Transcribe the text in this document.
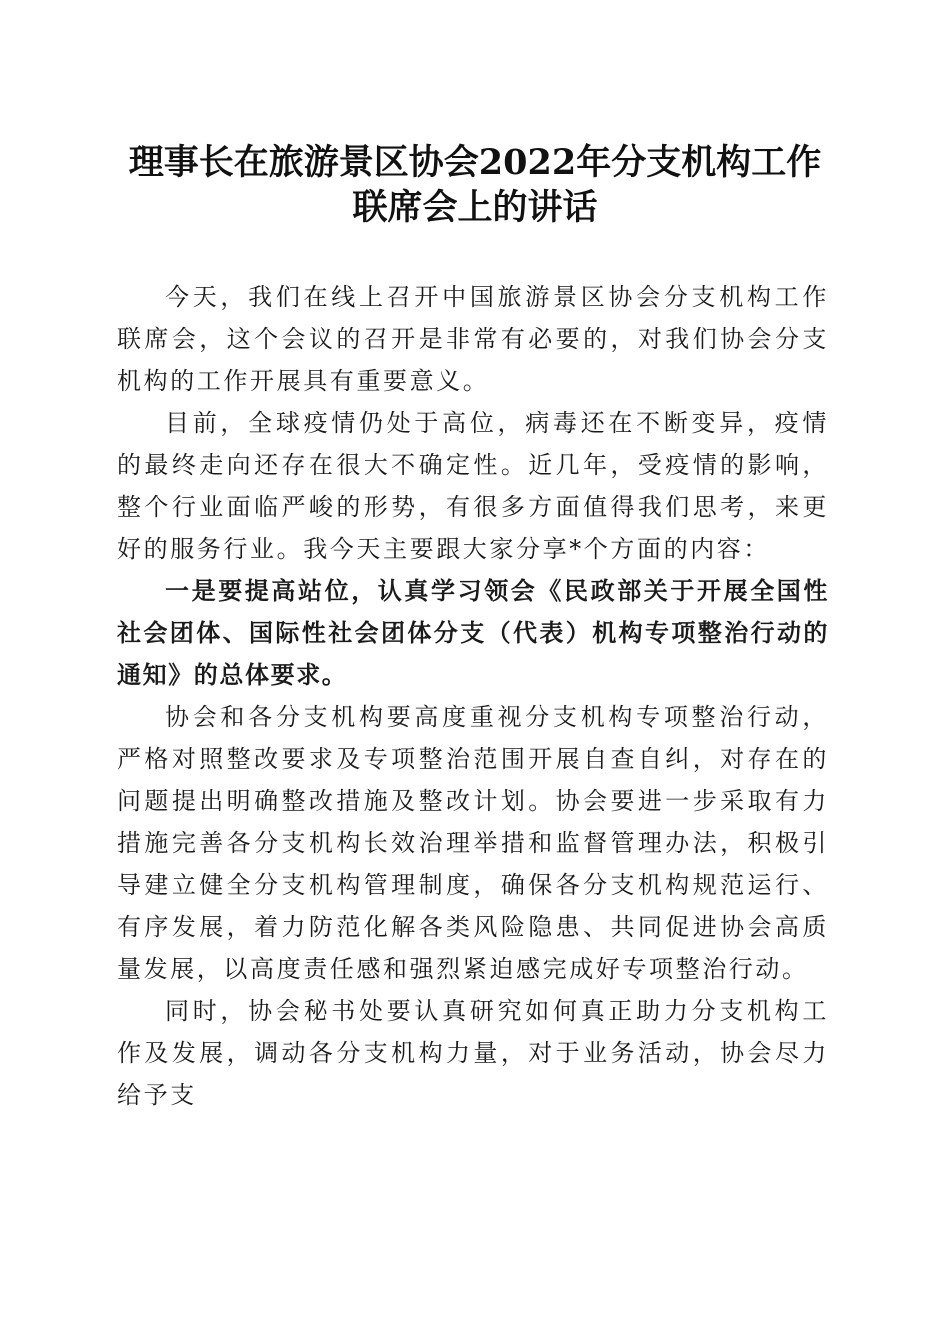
理事长在旅游景区协会2022年分支机构工作
联席会上的讲话

今天，我们在线上召开中国旅游景区协会分支机构工作联席会，这个会议的召开是非常有必要的，对我们协会分支机构的工作开展具有重要意义。

目前，全球疫情仍处于高位，病毒还在不断变异，疫情的最终走向还存在很大不确定性。近几年，受疫情的影响，整个行业面临严峻的形势，有很多方面值得我们思考，来更好的服务行业。我今天主要跟大家分享*个方面的内容：

一是要提高站位，认真学习领会《民政部关于开展全国性社会团体、国际性社会团体分支（代表）机构专项整治行动的通知》的总体要求。

协会和各分支机构要高度重视分支机构专项整治行动，严格对照整改要求及专项整治范围开展自查自纠，对存在的问题提出明确整改措施及整改计划。协会要进一步采取有力措施完善各分支机构长效治理举措和监督管理办法，积极引导建立健全分支机构管理制度，确保各分支机构规范运行、有序发展，着力防范化解各类风险隐患、共同促进协会高质量发展，以高度责任感和强烈紧迫感完成好专项整治行动。

同时，协会秘书处要认真研究如何真正助力分支机构工作及发展，调动各分支机构力量，对于业务活动，协会尽力给予支
